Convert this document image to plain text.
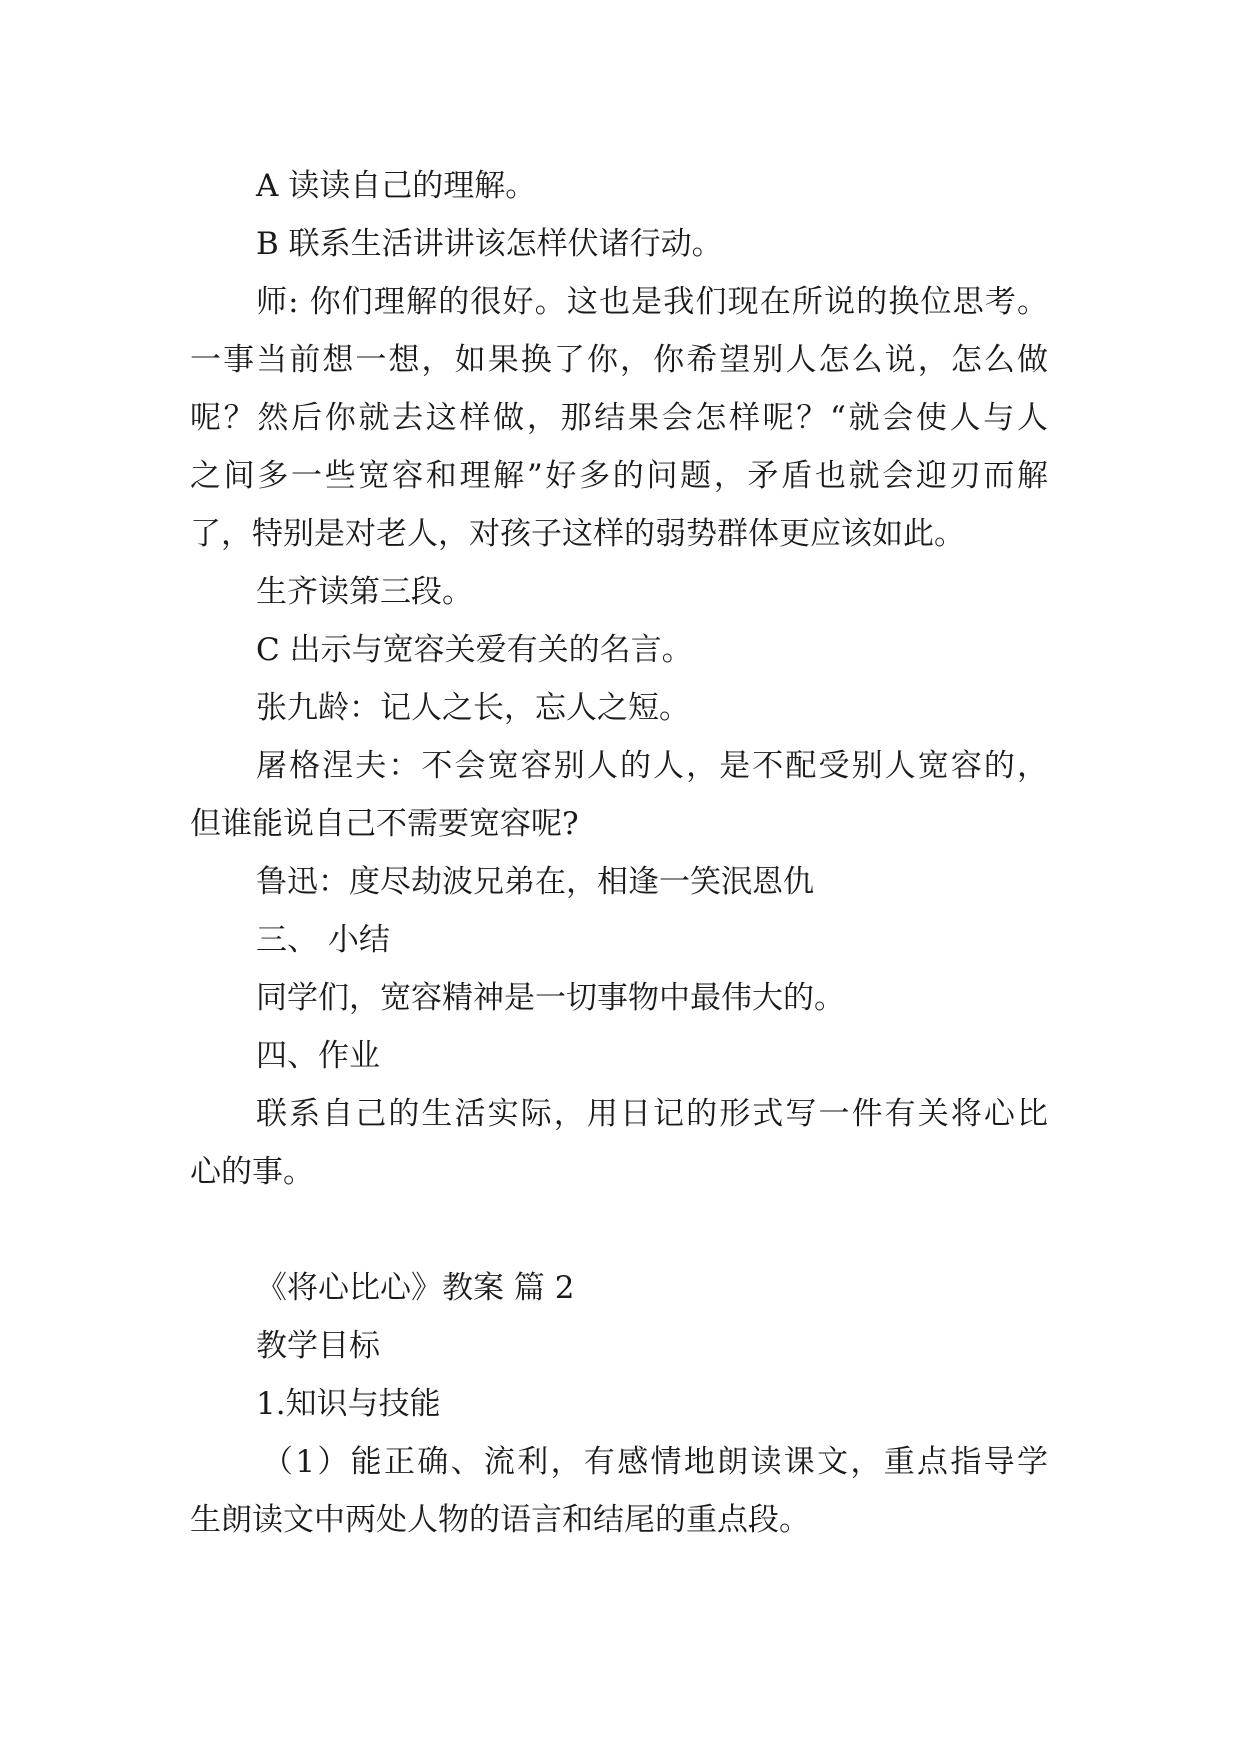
A 读读自己的理解。
B 联系生活讲讲该怎样伏诸行动。
师: 你们理解的很好。这也是我们现在所说的换位思考。
一事当前想一想，如果换了你，你希望别人怎么说，怎么做
呢？然后你就去这样做，那结果会怎样呢？“就会使人与人
之间多一些宽容和理解”好多的问题，矛盾也就会迎刃而解
了，特别是对老人，对孩子这样的弱势群体更应该如此。
生齐读第三段。
C 出示与宽容关爱有关的名言。
张九龄：记人之长，忘人之短。
屠格涅夫：不会宽容别人的人，是不配受别人宽容的，
但谁能说自己不需要宽容呢?
鲁迅：度尽劫波兄弟在，相逢一笑泯恩仇
三、 小结
同学们，宽容精神是一切事物中最伟大的。
四、作业
联系自己的生活实际，用日记的形式写一件有关将心比
心的事。
《将心比心》教案 篇 2
教学目标
1.知识与技能
（1）能正确、流利，有感情地朗读课文，重点指导学
生朗读文中两处人物的语言和结尾的重点段。
